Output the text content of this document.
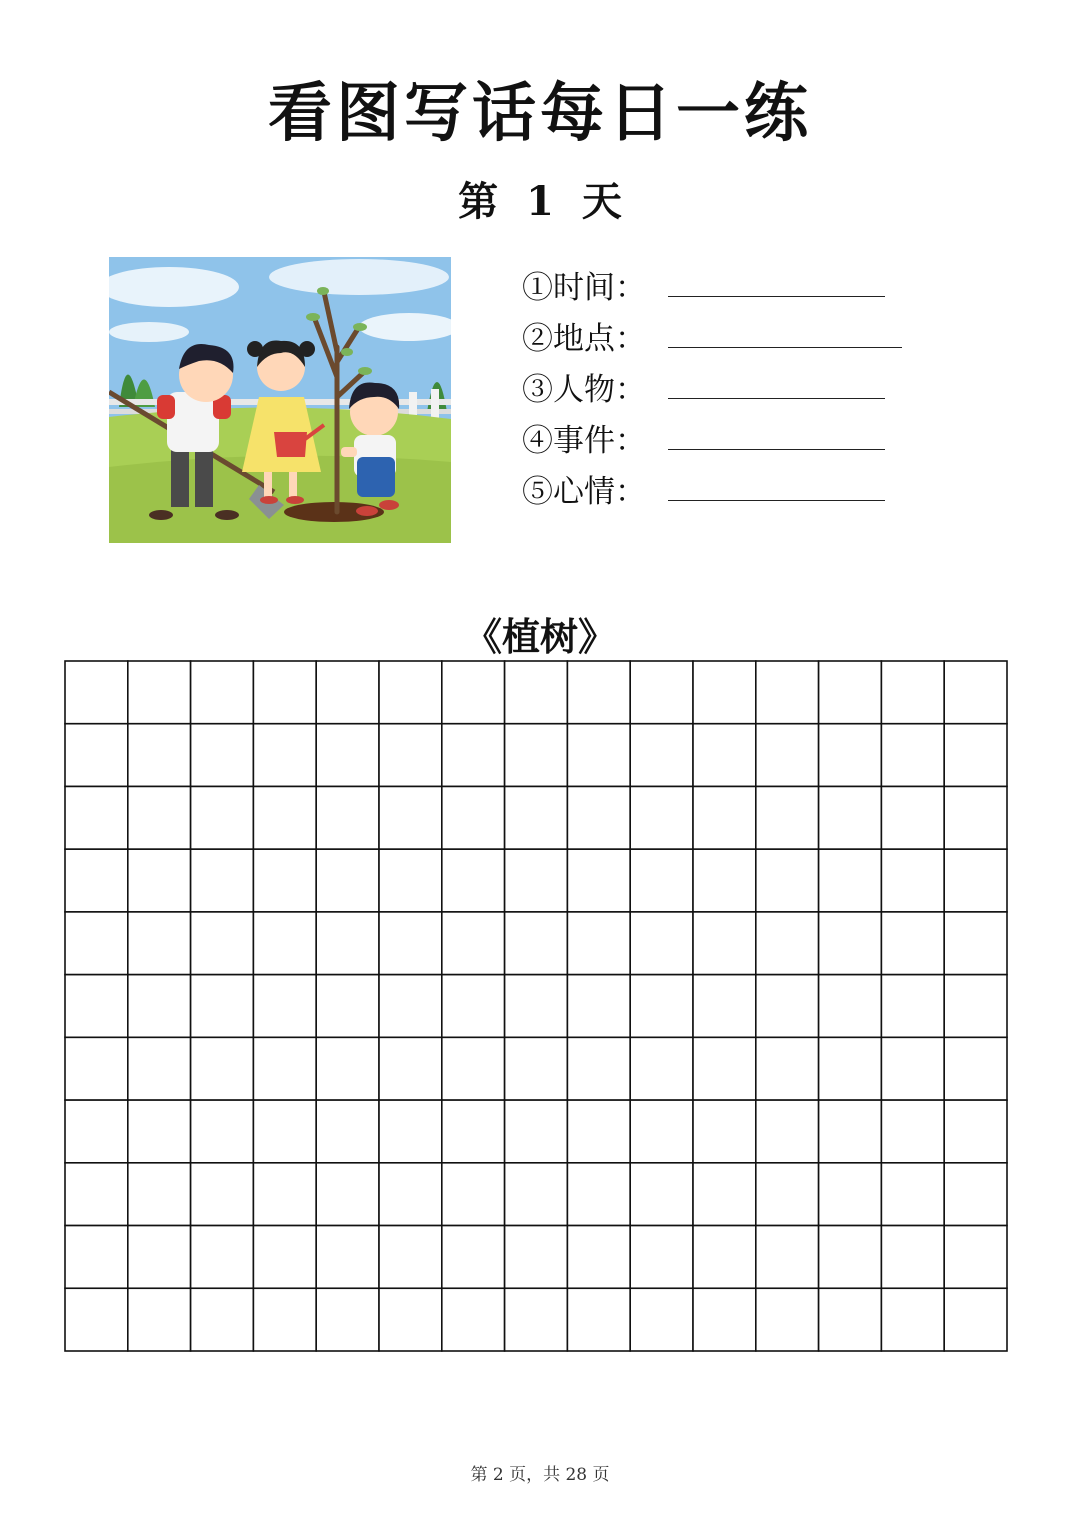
看图写话每日一练
第 1 天
①时间：
②地点：
③人物：
④事件：
⑤心情：
《植树》
第 2 页，共 28 页
